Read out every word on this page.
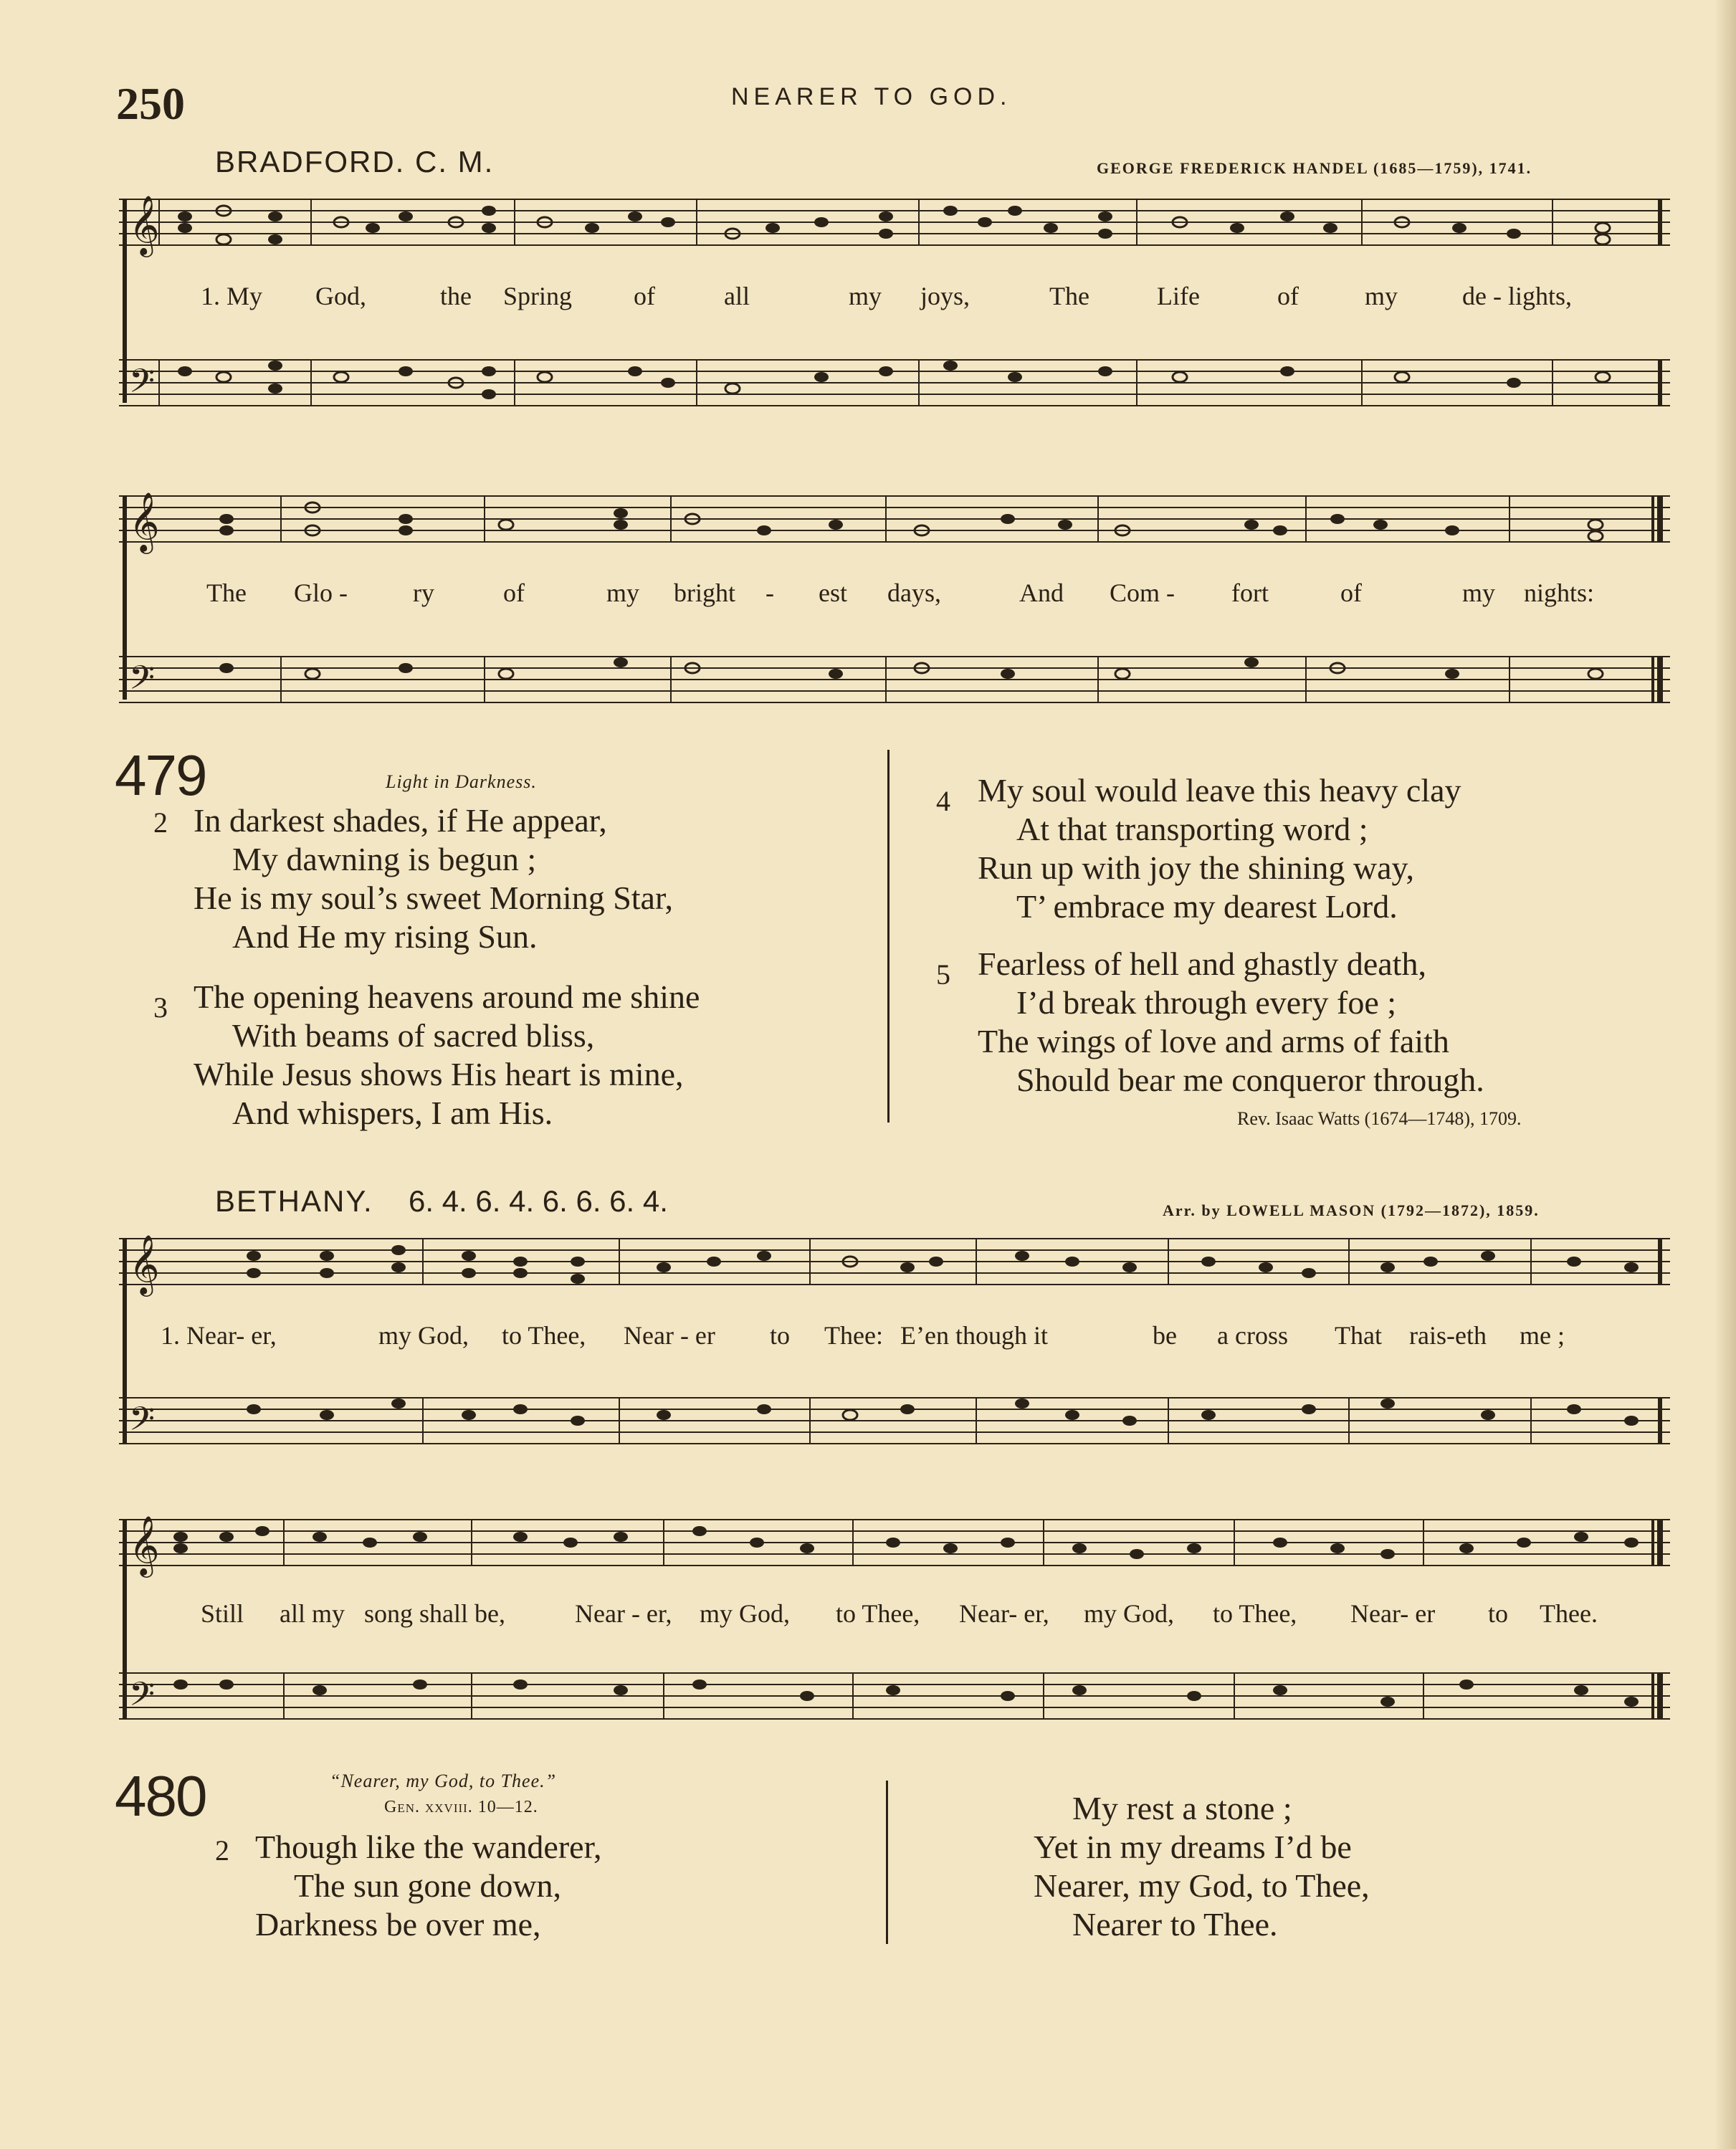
250	NEARER TO GOD.
BRADFORD. C. M.	GEORGE FREDERICK HANDEL (1685—1759), 1741.
𝄞
𝄢
1. My God,	the Spring of	all	my joys,	The	Life	of	my de - lights,
𝄞
𝄢
The Glo -	ry	of	my bright - est days,	And Com - fort	of	my nights:
479	Light in Darkness.
2 In darkest shades, if He appear,
My dawning is begun ;
He is my soul’s sweet Morning Star,
And He my rising Sun.
3 The opening heavens around me shine
With beams of sacred bliss,
While Jesus shows His heart is mine,
And whispers, I am His.
4 My soul would leave this heavy clay
At that transporting word ;
Run up with joy the shining way,
T’ embrace my dearest Lord.
5 Fearless of hell and ghastly death,
I’d break through every foe ;
The wings of love and arms of faith
Should bear me conqueror through.
Rev. Isaac Watts (1674—1748), 1709.
BETHANY. 6. 4. 6. 4. 6. 6. 6. 4.	Arr. by LOWELL MASON (1792—1872), 1859.
𝄞
𝄢
1. Near- er,	my God, to Thee, Near - er to Thee: E’en though it	be a cross That rais-eth me ;
𝄞
𝄢
Still all my song shall be,	Near - er, my God, to Thee, Near- er, my God, to Thee, Near- er to Thee.
480	“Nearer, my God, to Thee.”
Gen. xxviii. 10—12.
2 Though like the wanderer,
The sun gone down,
Darkness be over me,
My rest a stone ;
Yet in my dreams I’d be
Nearer, my God, to Thee,
Nearer to Thee.
